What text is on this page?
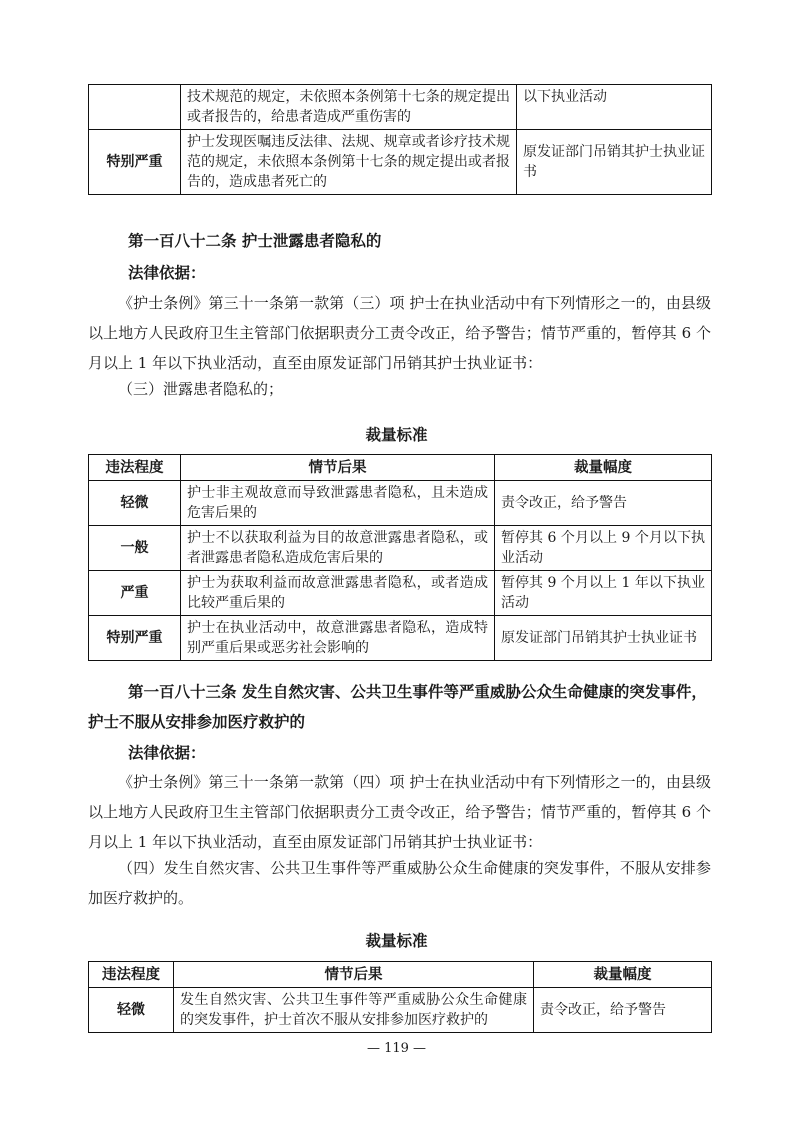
	技术规范的规定，未依照本条例第十七条的规定提出或者报告的，给患者造成严重伤害的	以下执业活动
特别严重	护士发现医嘱违反法律、法规、规章或者诊疗技术规范的规定，未依照本条例第十七条的规定提出或者报告的，造成患者死亡的	原发证部门吊销其护士执业证书
第一百八十二条 护士泄露患者隐私的
法律依据：
《护士条例》第三十一条第一款第（三）项 护士在执业活动中有下列情形之一的，由县级以上地方人民政府卫生主管部门依据职责分工责令改正，给予警告；情节严重的，暂停其 6 个月以上 1 年以下执业活动，直至由原发证部门吊销其护士执业证书：
（三）泄露患者隐私的；
裁量标准
违法程度	情节后果	裁量幅度
轻微	护士非主观故意而导致泄露患者隐私，且未造成危害后果的	责令改正，给予警告
一般	护士不以获取利益为目的故意泄露患者隐私，或者泄露患者隐私造成危害后果的	暂停其 6 个月以上 9 个月以下执业活动
严重	护士为获取利益而故意泄露患者隐私，或者造成比较严重后果的	暂停其 9 个月以上 1 年以下执业活动
特别严重	护士在执业活动中，故意泄露患者隐私，造成特别严重后果或恶劣社会影响的	原发证部门吊销其护士执业证书
第一百八十三条 发生自然灾害、公共卫生事件等严重威胁公众生命健康的突发事件，护士不服从安排参加医疗救护的
法律依据：
《护士条例》第三十一条第一款第（四）项 护士在执业活动中有下列情形之一的，由县级以上地方人民政府卫生主管部门依据职责分工责令改正，给予警告；情节严重的，暂停其 6 个月以上 1 年以下执业活动，直至由原发证部门吊销其护士执业证书：
（四）发生自然灾害、公共卫生事件等严重威胁公众生命健康的突发事件，不服从安排参加医疗救护的。
裁量标准
违法程度	情节后果	裁量幅度
轻微	发生自然灾害、公共卫生事件等严重威胁公众生命健康的突发事件，护士首次不服从安排参加医疗救护的	责令改正，给予警告
— 119 —
